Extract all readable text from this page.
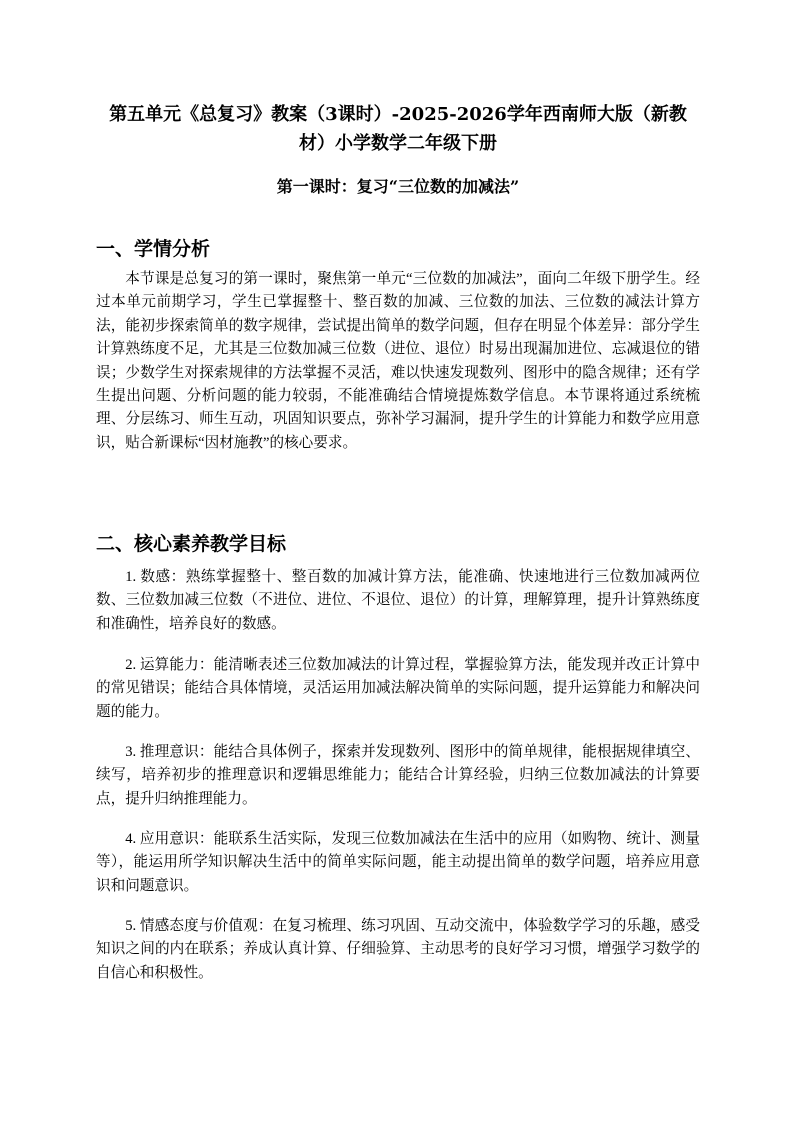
第五单元《总复习》教案（3课时）-2025-2026学年西南师大版（新教材）小学数学二年级下册
第一课时：复习“三位数的加减法”
一、学情分析

本节课是总复习的第一课时，聚焦第一单元“三位数的加减法”，面向二年级下册学生。经过本单元前期学习，学生已掌握整十、整百数的加减、三位数的加法、三位数的减法计算方法，能初步探索简单的数字规律，尝试提出简单的数学问题，但存在明显个体差异：部分学生计算熟练度不足，尤其是三位数加减三位数（进位、退位）时易出现漏加进位、忘减退位的错误；少数学生对探索规律的方法掌握不灵活，难以快速发现数列、图形中的隐含规律；还有学生提出问题、分析问题的能力较弱，不能准确结合情境提炼数学信息。本节课将通过系统梳理、分层练习、师生互动，巩固知识要点，弥补学习漏洞，提升学生的计算能力和数学应用意识，贴合新课标“因材施教”的核心要求。

二、核心素养教学目标

1. 数感：熟练掌握整十、整百数的加减计算方法，能准确、快速地进行三位数加减两位数、三位数加减三位数（不进位、进位、不退位、退位）的计算，理解算理，提升计算熟练度和准确性，培养良好的数感。

2. 运算能力：能清晰表述三位数加减法的计算过程，掌握验算方法，能发现并改正计算中的常见错误；能结合具体情境，灵活运用加减法解决简单的实际问题，提升运算能力和解决问题的能力。

3. 推理意识：能结合具体例子，探索并发现数列、图形中的简单规律，能根据规律填空、续写，培养初步的推理意识和逻辑思维能力；能结合计算经验，归纳三位数加减法的计算要点，提升归纳推理能力。

4. 应用意识：能联系生活实际，发现三位数加减法在生活中的应用（如购物、统计、测量等），能运用所学知识解决生活中的简单实际问题，能主动提出简单的数学问题，培养应用意识和问题意识。

5. 情感态度与价值观：在复习梳理、练习巩固、互动交流中，体验数学学习的乐趣，感受知识之间的内在联系；养成认真计算、仔细验算、主动思考的良好学习习惯，增强学习数学的自信心和积极性。
